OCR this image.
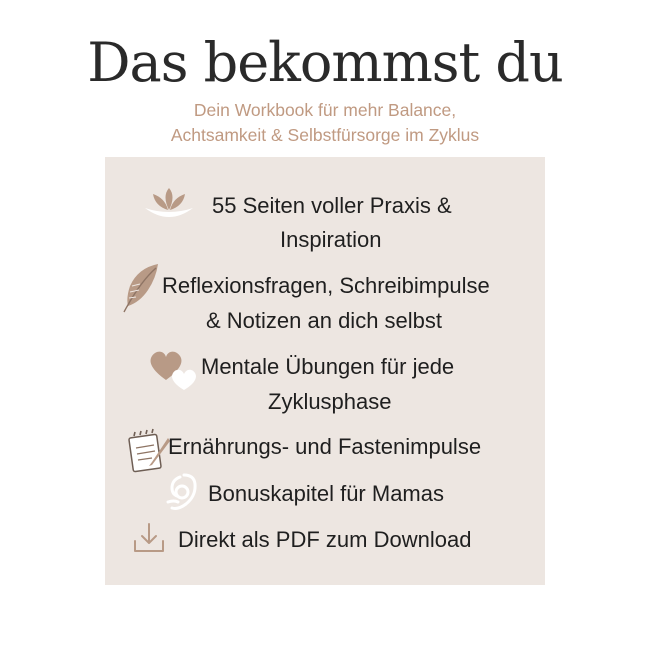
Das bekommst du
Dein Workbook für mehr Balance,
Achtsamkeit & Selbstfürsorge im Zyklus
55 Seiten voller Praxis &
Inspiration
Reflexionsfragen, Schreibimpulse
& Notizen an dich selbst
Mentale Übungen für jede
Zyklusphase
Ernährungs- und Fastenimpulse
Bonuskapitel für Mamas
Direkt als PDF zum Download
